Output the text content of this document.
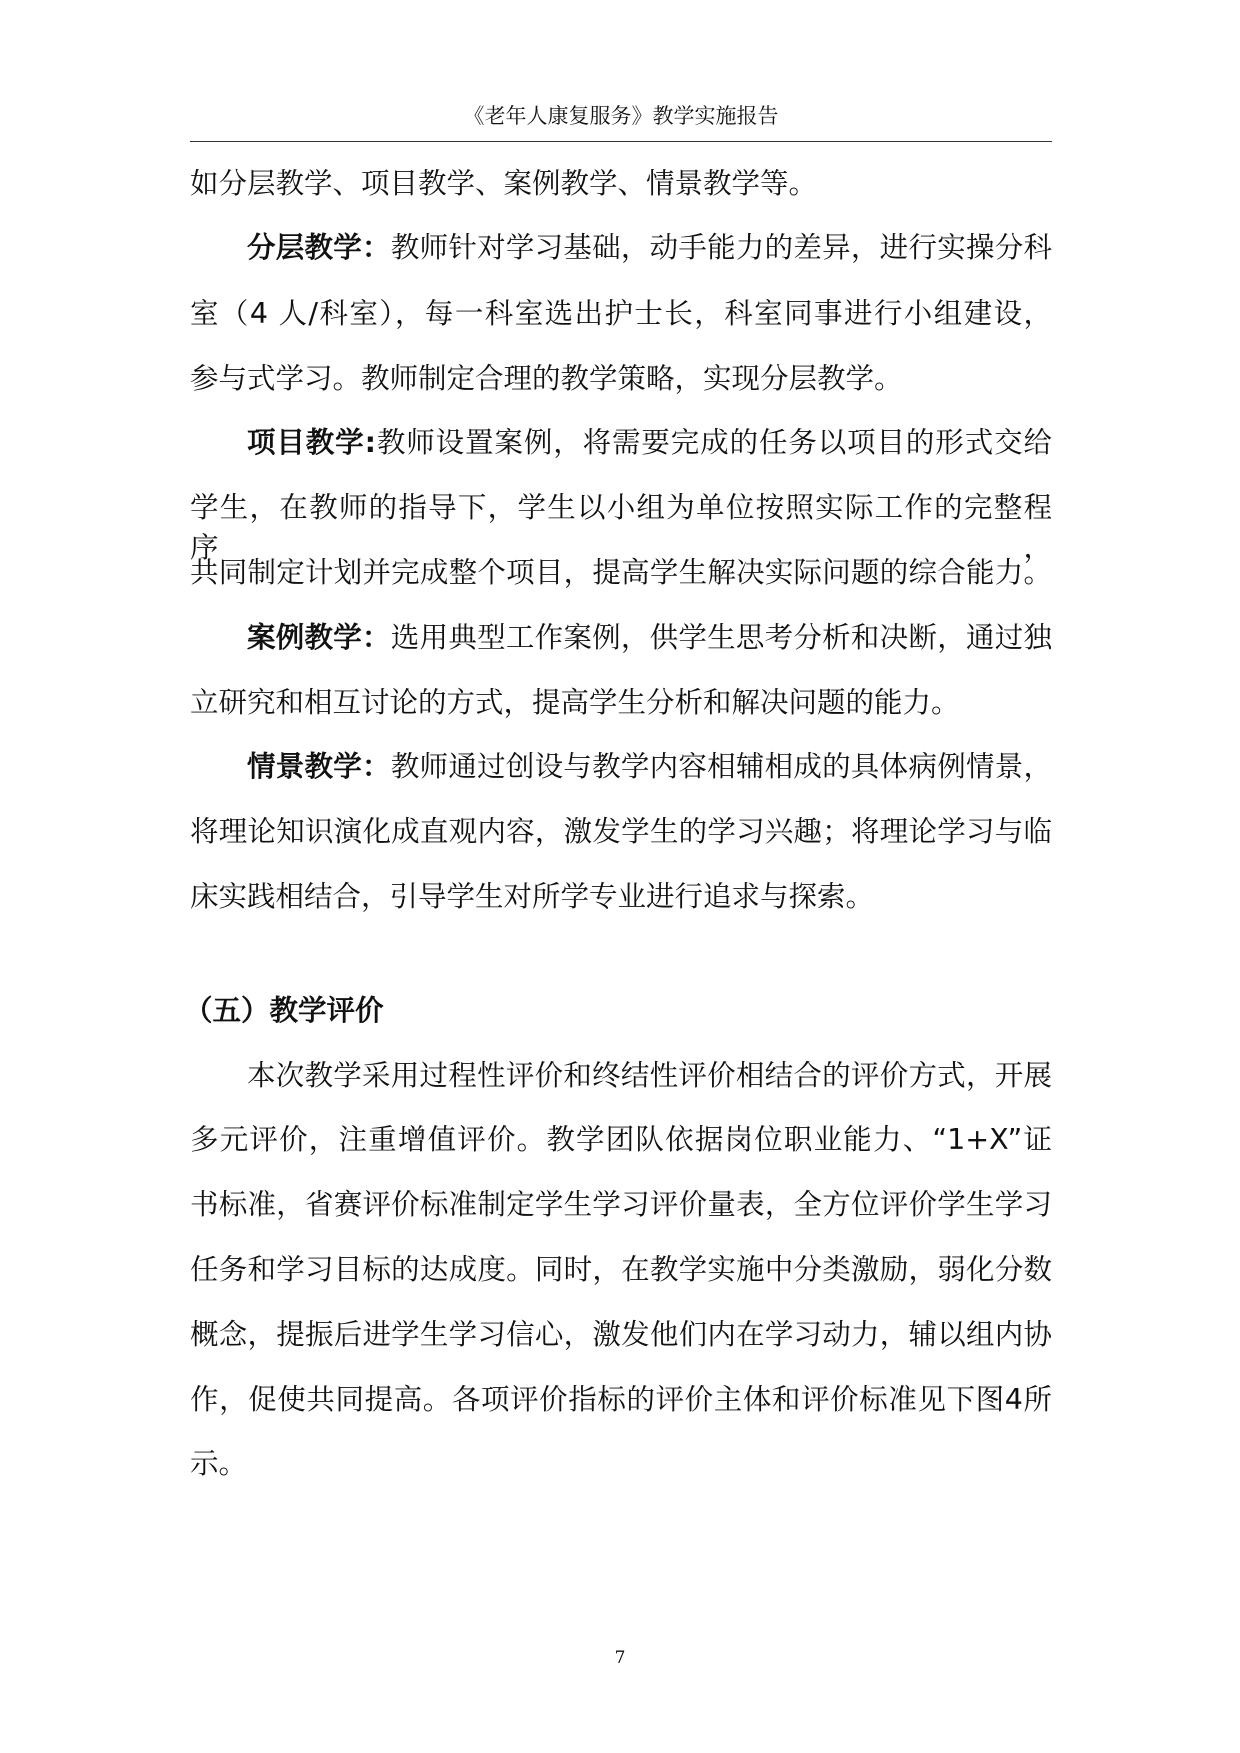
《老年人康复服务》教学实施报告
如分层教学、项目教学、案例教学、情景教学等。
分层教学：教师针对学习基础，动手能力的差异，进行实操分科
室（4 人/科室），每一科室选出护士长，科室同事进行小组建设，
参与式学习。教师制定合理的教学策略，实现分层教学。
项目教学:教师设置案例，将需要完成的任务以项目的形式交给
学生，在教师的指导下，学生以小组为单位按照实际工作的完整程序，
共同制定计划并完成整个项目，提高学生解决实际问题的综合能力。
案例教学：选用典型工作案例，供学生思考分析和决断，通过独
立研究和相互讨论的方式，提高学生分析和解决问题的能力。
情景教学：教师通过创设与教学内容相辅相成的具体病例情景，
将理论知识演化成直观内容，激发学生的学习兴趣；将理论学习与临
床实践相结合，引导学生对所学专业进行追求与探索。
（五）教学评价
本次教学采用过程性评价和终结性评价相结合的评价方式，开展
多元评价，注重增值评价。教学团队依据岗位职业能力、“1+X”证
书标准，省赛评价标准制定学生学习评价量表，全方位评价学生学习
任务和学习目标的达成度。同时，在教学实施中分类激励，弱化分数
概念，提振后进学生学习信心，激发他们内在学习动力，辅以组内协
作，促使共同提高。各项评价指标的评价主体和评价标准见下图4所
示。
7
